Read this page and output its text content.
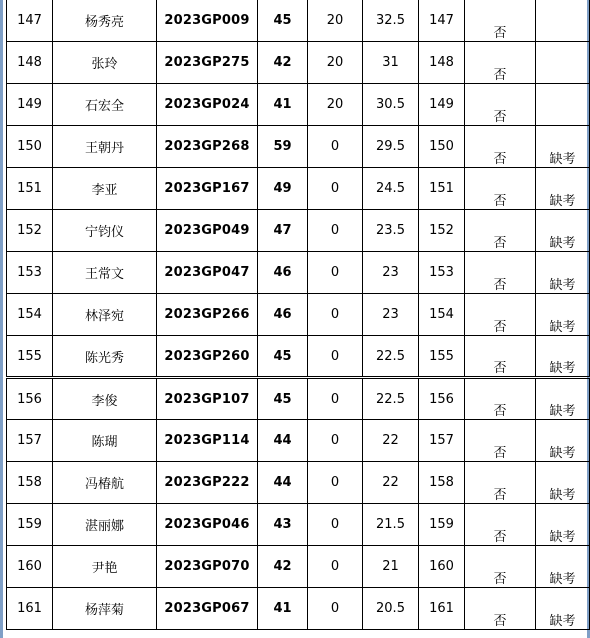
147	杨秀亮	2023GP009	45	20	32.5	147	否	
148	张玲	2023GP275	42	20	31	148	否	
149	石宏全	2023GP024	41	20	30.5	149	否	
150	王朝丹	2023GP268	59	0	29.5	150	否	缺考
151	李亚	2023GP167	49	0	24.5	151	否	缺考
152	宁钧仪	2023GP049	47	0	23.5	152	否	缺考
153	王常文	2023GP047	46	0	23	153	否	缺考
154	林泽宛	2023GP266	46	0	23	154	否	缺考
155	陈光秀	2023GP260	45	0	22.5	155	否	缺考
156	李俊	2023GP107	45	0	22.5	156	否	缺考
157	陈瑚	2023GP114	44	0	22	157	否	缺考
158	冯椿航	2023GP222	44	0	22	158	否	缺考
159	湛丽娜	2023GP046	43	0	21.5	159	否	缺考
160	尹艳	2023GP070	42	0	21	160	否	缺考
161	杨萍菊	2023GP067	41	0	20.5	161	否	缺考
